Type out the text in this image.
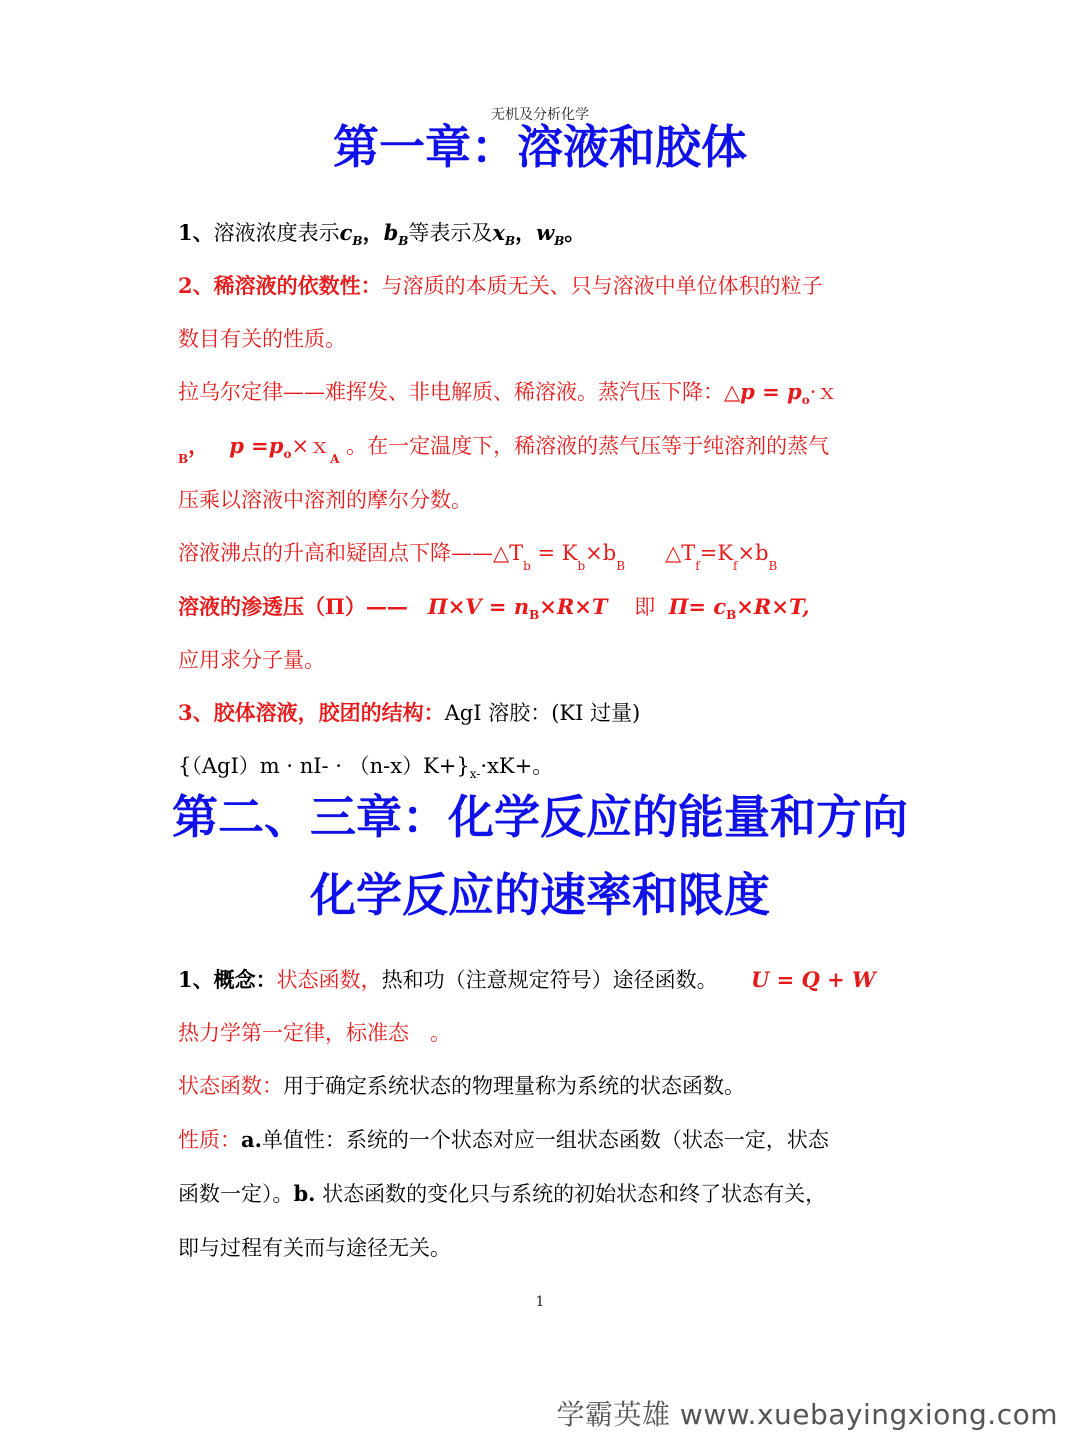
无机及分析化学
第一章：溶液和胶体
1、溶液浓度表示$c_B$，$b_B$等表示及$x_B$，$w_B$。
2、稀溶液的依数性：与溶质的本质无关、只与溶液中单位体积的粒子
数目有关的性质。
拉乌尔定律——难挥发、非电解质、稀溶液。蒸汽压下降：△p = $p_o\cdot x$
$_B$， $p =p_o\times x_A$ 。在一定温度下，稀溶液的蒸气压等于纯溶剂的蒸气
压乘以溶液中溶剂的摩尔分数。
溶液沸点的升高和疑固点下降$——\triangle T_b = K_b\times b_B$      $\triangle T_f=K_f\times b_B$
溶液的渗透压（Π）—— $\Pi\times V = n_B\times R\times T$ 即 $\Pi= c_B\times R\times T$,
应用求分子量。
3、胶体溶液，胶团的结构：AgI 溶胶：(KI 过量)
$\{(AgI)m \cdot nI- \cdot (n-x)K+\}_{x-}\cdot xK+$。
第二、三章：化学反应的能量和方向
化学反应的速率和限度
1、概念：状态函数，热和功（注意规定符号）途径函数。 U = Q + W
热力学第一定律，标准态　。
状态函数：用于确定系统状态的物理量称为系统的状态函数。
性质：a.单值性：系统的一个状态对应一组状态函数（状态一定，状态
函数一定）。b. 状态函数的变化只与系统的初始状态和终了状态有关，
即与过程有关而与途径无关。
1
学霸英雄 www.xuebayingxiong.com
